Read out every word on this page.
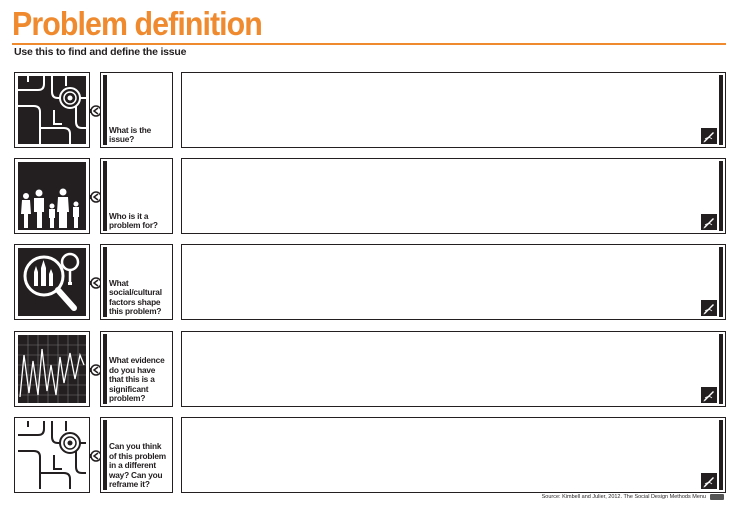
Problem definition

Use this to find and define the issue

What is the issue?
Who is it a problem for?
What social/cultural factors shape this problem?
What evidence do you have that this is a significant problem?
Can you think of this problem in a different way? Can you reframe it?

Source: Kimbell and Julier, 2012. The Social Design Methods Menu
